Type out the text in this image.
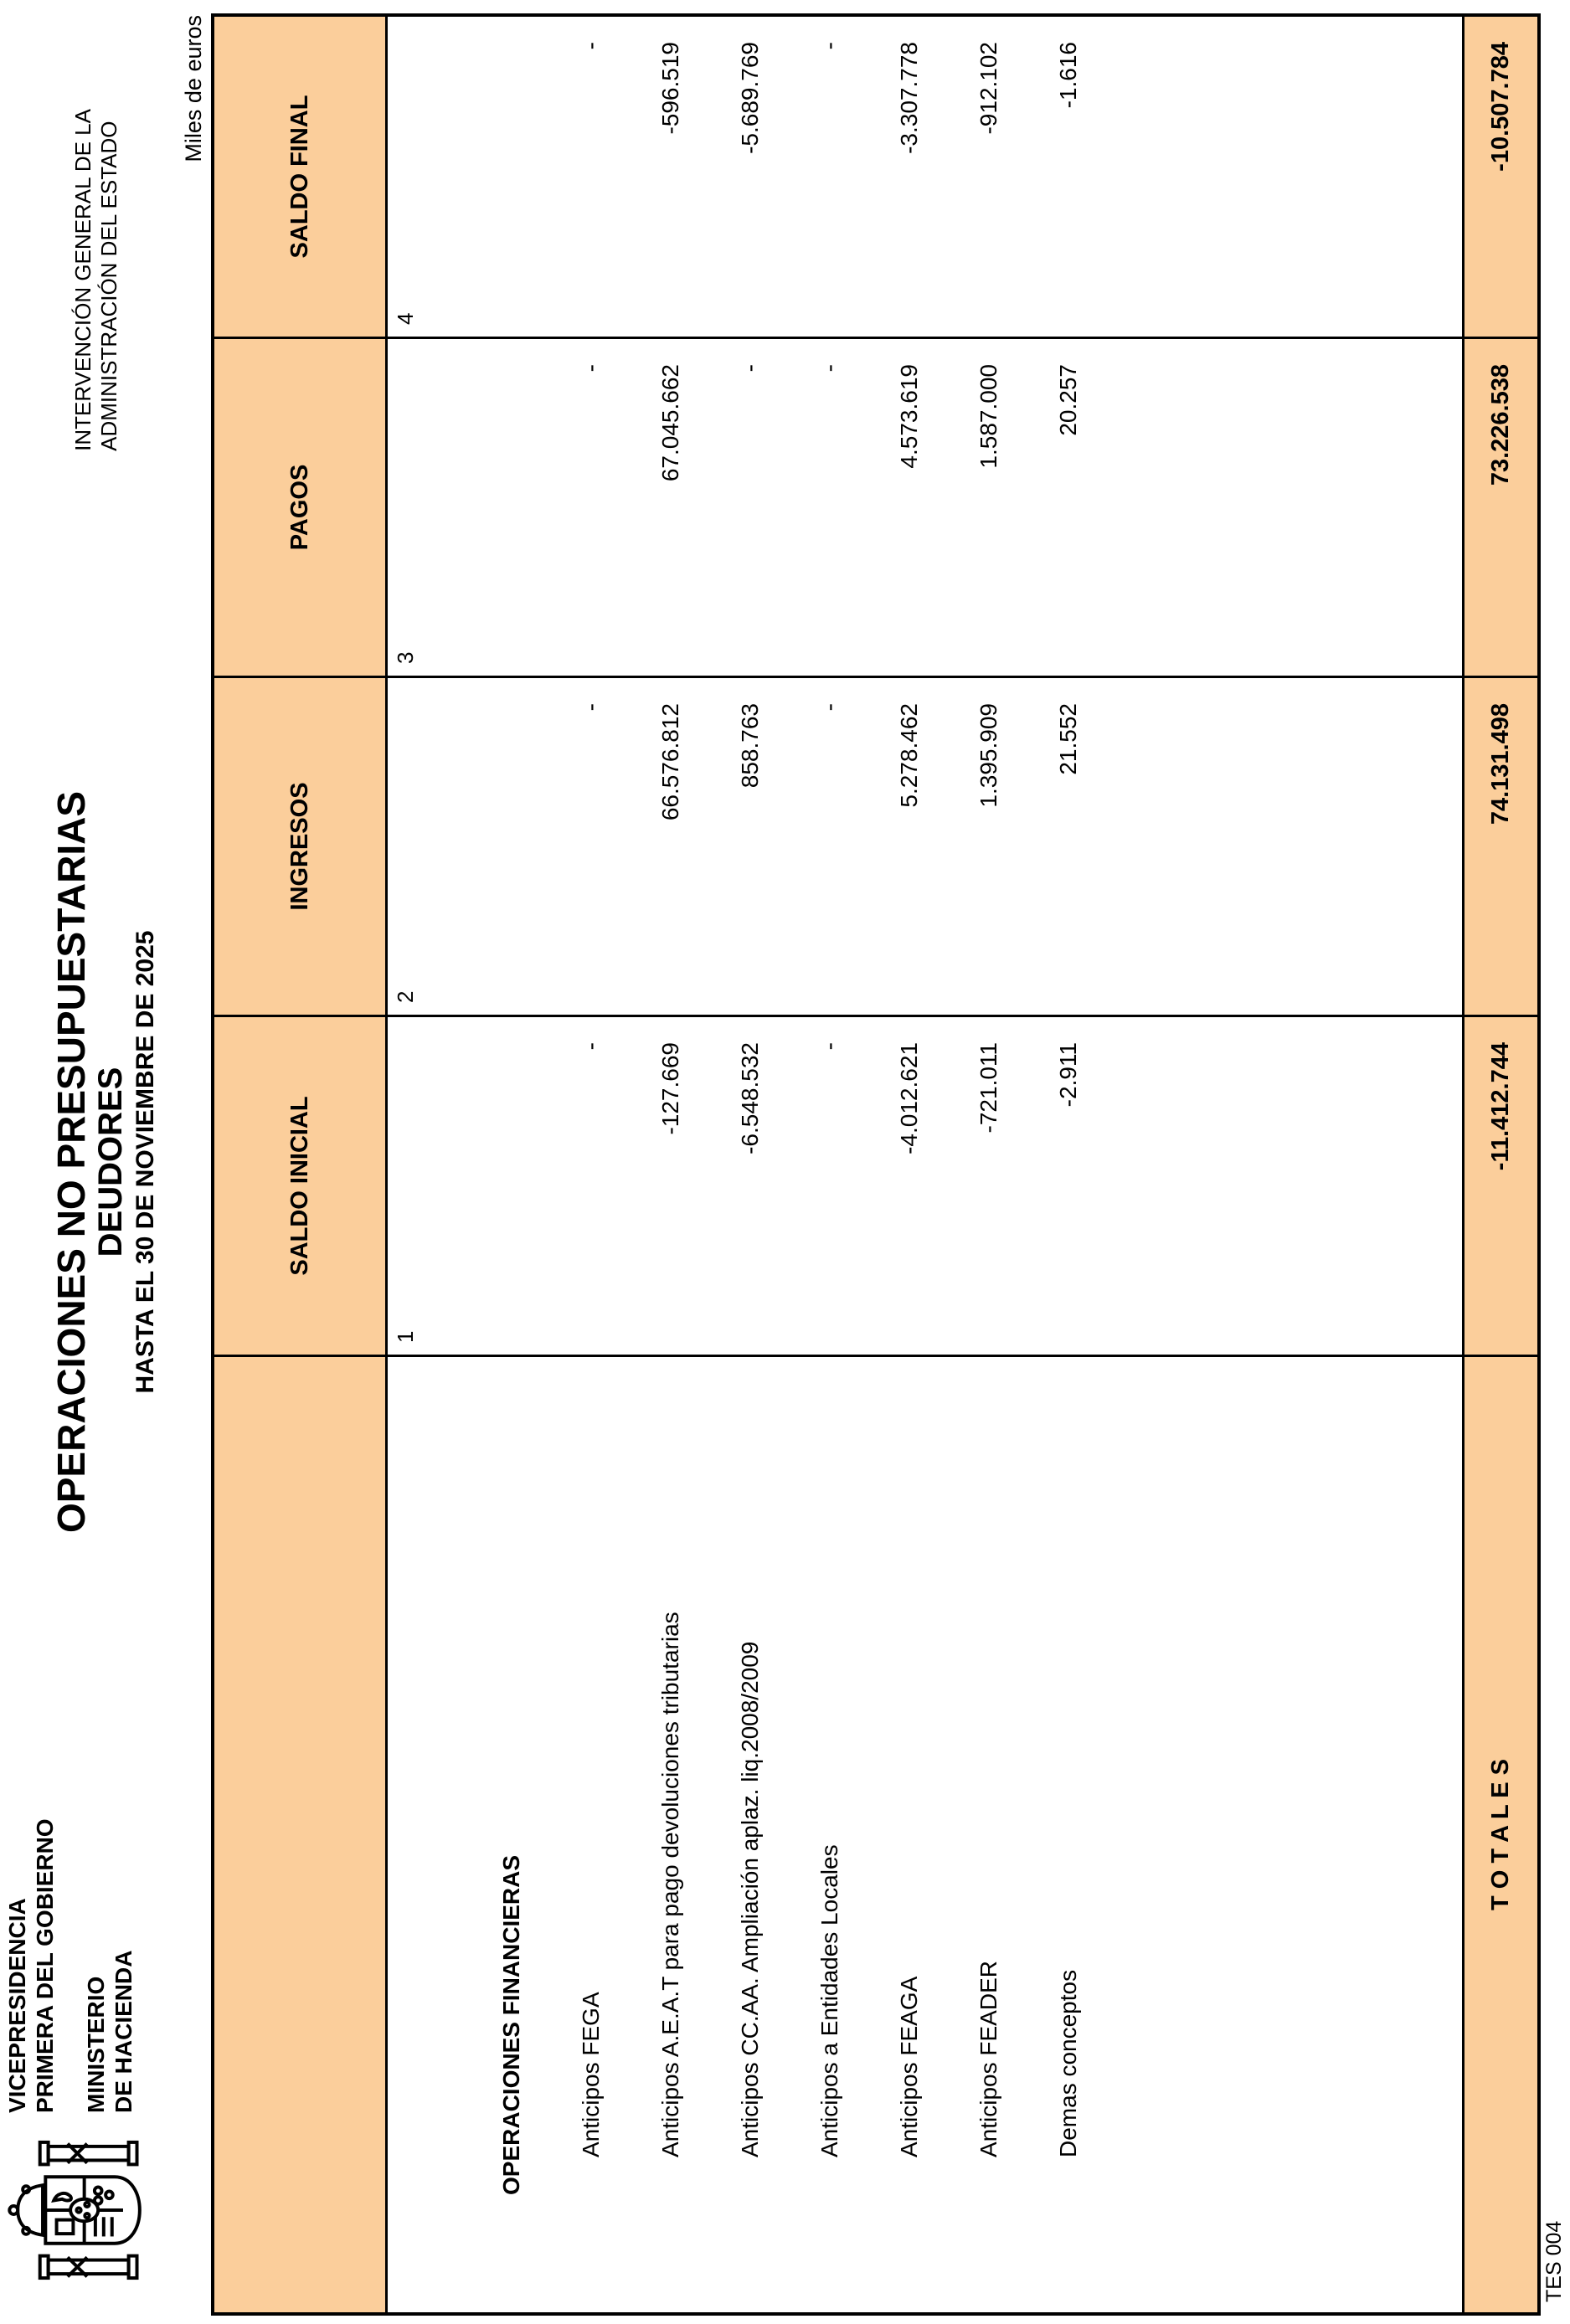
VICEPRESIDENCIA PRIMERA DEL GOBIERNO MINISTERIO DE HACIENDA
OPERACIONES NO PRESUPUESTARIAS DEUDORES HASTA EL 30 DE NOVIEMBRE DE 2025
INTERVENCIÓN GENERAL DE LA ADMINISTRACIÓN DEL ESTADO
Miles de euros
SALDO INICIAL
INGRESOS
PAGOS
SALDO FINAL
1
2
3
4
OPERACIONES FINANCIERAS	Anticipos FEGA
-
-
-
-
Anticipos A.E.A.T para pago devoluciones tributarias
-127.669
66.576.812
67.045.662
-596.519
Anticipos CC.AA. Ampliación aplaz. liq.2008/2009
-6.548.532
858.763
-
-5.689.769
Anticipos a Entidades Locales
-
-
-
-
Anticipos FEAGA
-4.012.621
5.278.462
4.573.619
-3.307.778
Anticipos FEADER
-721.011
1.395.909
1.587.000
-912.102
Demas conceptos
-2.911
21.552
20.257
-1.616
T O T A L E S
-11.412.744
74.131.498
73.226.538
-10.507.784
TES 004
